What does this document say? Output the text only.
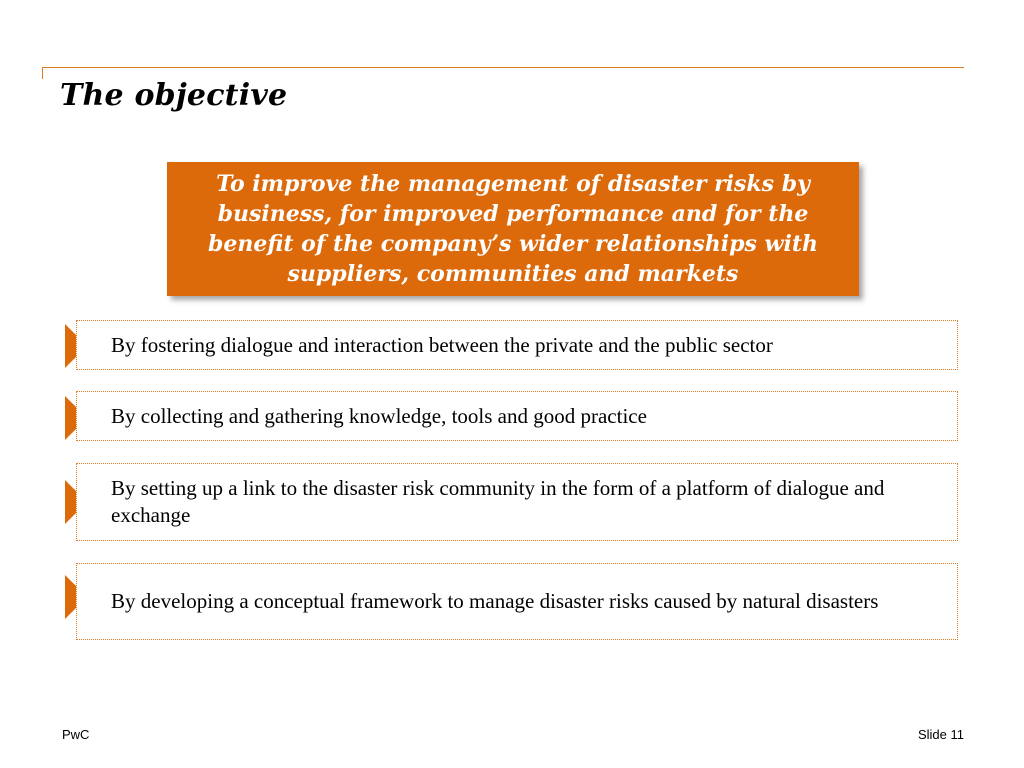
The objective
To improve the management of disaster risks by business, for improved performance and for the benefit of the company’s wider relationships with suppliers, communities and markets
By fostering dialogue and interaction between the private and the public sector
By collecting and gathering knowledge, tools and good practice
By setting up a link to the disaster risk community in the form of a platform of dialogue and exchange
By developing a conceptual framework to manage disaster risks caused by natural disasters
PwC	Slide 11
